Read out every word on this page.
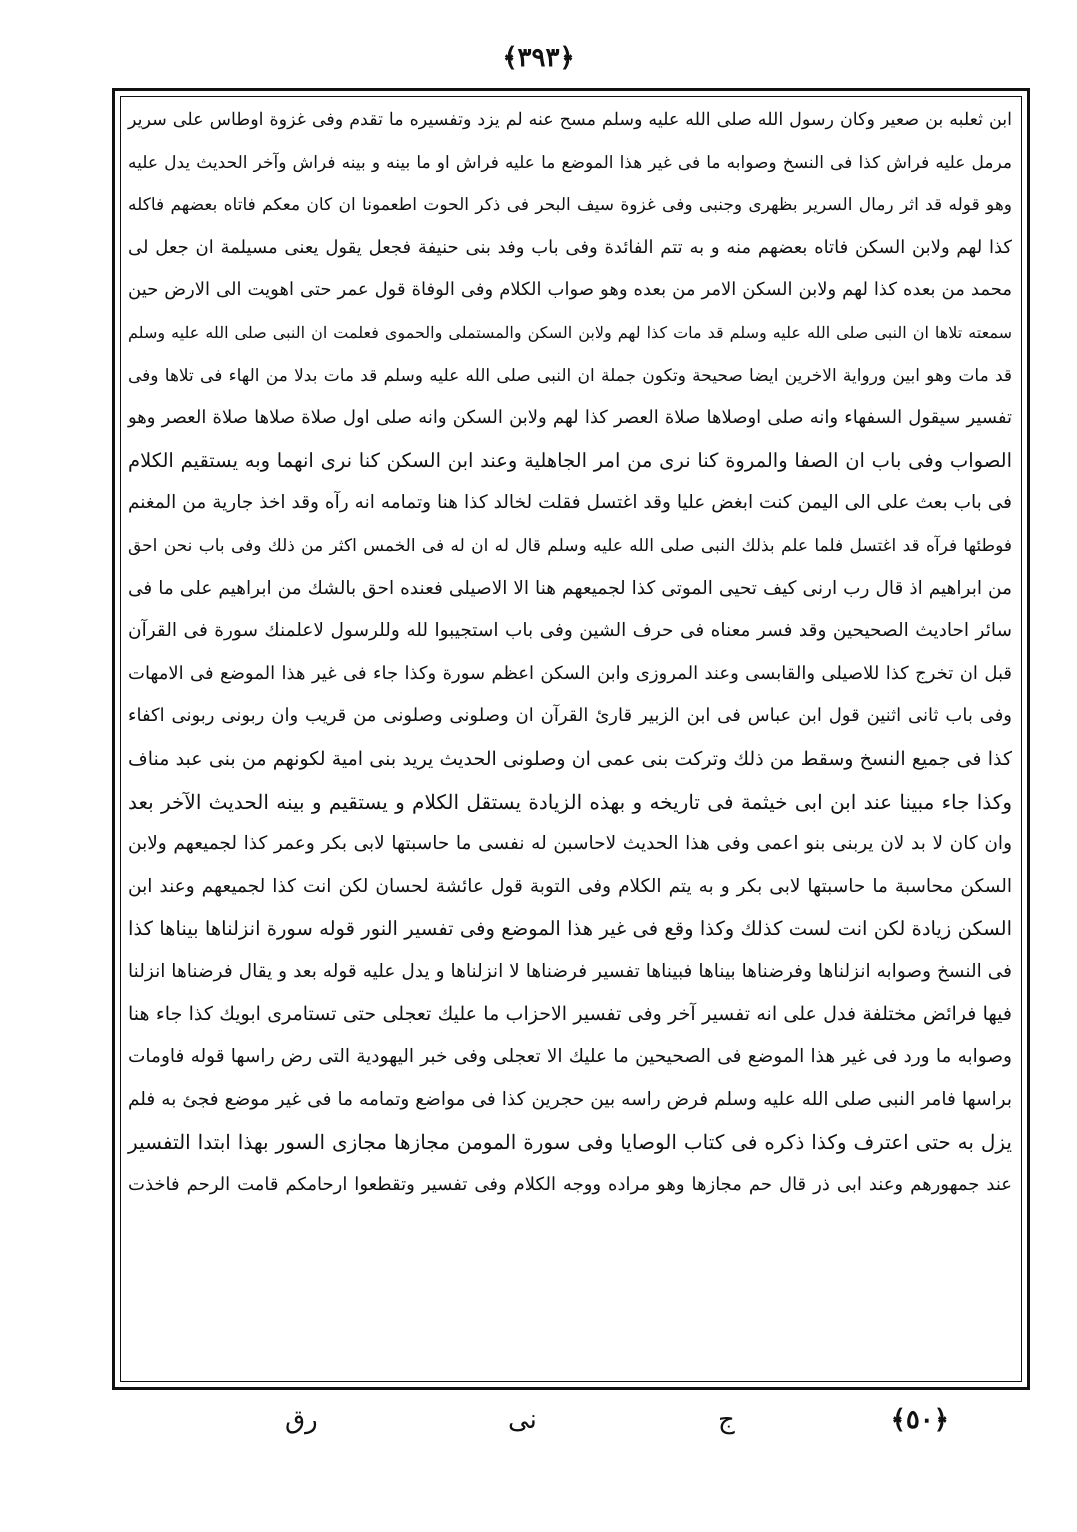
﴿٣٩٣﴾
ابن ثعلبه بن صعير وكان رسول الله صلى الله عليه وسلم مسح عنه لم يزد وتفسيره ما تقدم وفى غزوة اوطاس على سرير
مرمل عليه فراش كذا فى النسخ وصوابه ما فى غير هذا الموضع ما عليه فراش او ما بينه و بينه فراش وآخر الحديث يدل عليه
وهو قوله قد اثر رمال السرير بظهرى وجنبى وفى غزوة سيف البحر فى ذكر الحوت اطعمونا ان كان معكم فاتاه بعضهم فاكله
كذا لهم ولابن السكن فاتاه بعضهم منه و به تتم الفائدة وفى باب وفد بنى حنيفة فجعل يقول يعنى مسيلمة ان جعل لى
محمد من بعده كذا لهم ولابن السكن الامر من بعده وهو صواب الكلام وفى الوفاة قول عمر حتى اهويت الى الارض حين
سمعته تلاها ان النبى صلى الله عليه وسلم قد مات كذا لهم ولابن السكن والمستملى والحموى فعلمت ان النبى صلى الله عليه وسلم
قد مات وهو ابين ورواية الاخرين ايضا صحيحة وتكون جملة ان النبى صلى الله عليه وسلم قد مات بدلا من الهاء فى تلاها وفى
تفسير سيقول السفهاء وانه صلى اوصلاها صلاة العصر كذا لهم ولابن السكن وانه صلى اول صلاة صلاها صلاة العصر وهو
الصواب وفى باب ان الصفا والمروة كنا نرى من امر الجاهلية وعند ابن السكن كنا نرى انهما وبه يستقيم الكلام
فى باب بعث على الى اليمن كنت ابغض عليا وقد اغتسل فقلت لخالد كذا هنا وتمامه انه رآه وقد اخذ جارية من المغنم
فوطئها فرآه قد اغتسل فلما علم بذلك النبى صلى الله عليه وسلم قال له ان له فى الخمس اكثر من ذلك وفى باب نحن احق
من ابراهيم اذ قال رب ارنى كيف تحيى الموتى كذا لجميعهم هنا الا الاصيلى فعنده احق بالشك من ابراهيم على ما فى
سائر احاديث الصحيحين وقد فسر معناه فى حرف الشين وفى باب استجيبوا لله وللرسول لاعلمنك سورة فى القرآن
قبل ان تخرج كذا للاصيلى والقابسى وعند المروزى وابن السكن اعظم سورة وكذا جاء فى غير هذا الموضع فى الامهات
وفى باب ثانى اثنين قول ابن عباس فى ابن الزبير قارئ القرآن ان وصلونى وصلونى من قريب وان ربونى ربونى اكفاء
كذا فى جميع النسخ وسقط من ذلك وتركت بنى عمى ان وصلونى الحديث يريد بنى امية لكونهم من بنى عبد مناف
وكذا جاء مبينا عند ابن ابى خيثمة فى تاريخه و بهذه الزيادة يستقل الكلام و يستقيم و بينه الحديث الآخر بعد
وان كان لا بد لان يربنى بنو اعمى وفى هذا الحديث لاحاسبن له نفسى ما حاسبتها لابى بكر وعمر كذا لجميعهم ولابن
السكن محاسبة ما حاسبتها لابى بكر و به يتم الكلام وفى التوبة قول عائشة لحسان لكن انت كذا لجميعهم وعند ابن
السكن زيادة لكن انت لست كذلك وكذا وقع فى غير هذا الموضع وفى تفسير النور قوله سورة انزلناها بيناها كذا
فى النسخ وصوابه انزلناها وفرضناها بيناها فبيناها تفسير فرضناها لا انزلناها و يدل عليه قوله بعد و يقال فرضناها انزلنا
فيها فرائض مختلفة فدل على انه تفسير آخر وفى تفسير الاحزاب ما عليك تعجلى حتى تستامرى ابويك كذا جاء هنا
وصوابه ما ورد فى غير هذا الموضع فى الصحيحين ما عليك الا تعجلى وفى خبر اليهودية التى رض راسها قوله فاومات
براسها فامر النبى صلى الله عليه وسلم فرض راسه بين حجرين كذا فى مواضع وتمامه ما فى غير موضع فجئ به فلم
يزل به حتى اعترف وكذا ذكره فى كتاب الوصايا وفى سورة المومن مجازها مجازى السور بهذا ابتدا التفسير
عند جمهورهم وعند ابى ذر قال حم مجازها وهو مراده ووجه الكلام وفى تفسير وتقطعوا ارحامكم قامت الرحم فاخذت
﴿٥٠﴾
ج
نى
رق
